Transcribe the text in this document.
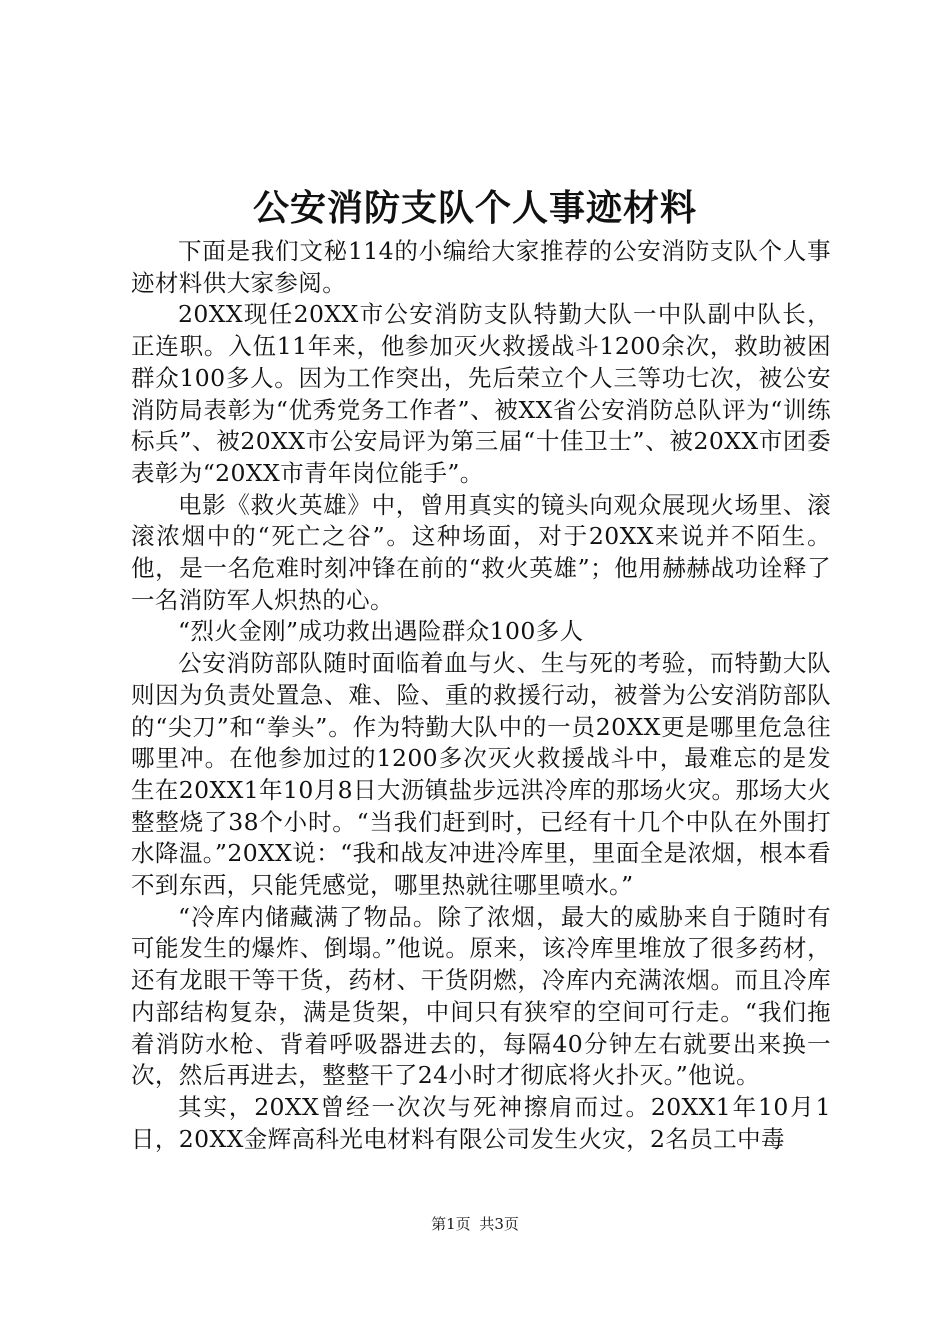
公安消防支队个人事迹材料

下面是我们文秘114的小编给大家推荐的公安消防支队个人事迹材料供大家参阅。

20XX现任20XX市公安消防支队特勤大队一中队副中队长，正连职。入伍11年来，他参加灭火救援战斗1200余次，救助被困群众100多人。因为工作突出，先后荣立个人三等功七次，被公安消防局表彰为“优秀党务工作者”、被XX省公安消防总队评为“训练标兵”、被20XX市公安局评为第三届“十佳卫士”、被20XX市团委表彰为“20XX市青年岗位能手”。

电影《救火英雄》中，曾用真实的镜头向观众展现火场里、滚滚浓烟中的“死亡之谷”。这种场面，对于20XX来说并不陌生。他，是一名危难时刻冲锋在前的“救火英雄”；他用赫赫战功诠释了一名消防军人炽热的心。

“烈火金刚”成功救出遇险群众100多人

公安消防部队随时面临着血与火、生与死的考验，而特勤大队则因为负责处置急、难、险、重的救援行动，被誉为公安消防部队的“尖刀”和“拳头”。作为特勤大队中的一员20XX更是哪里危急往哪里冲。在他参加过的1200多次灭火救援战斗中，最难忘的是发生在20XX1年10月8日大沥镇盐步远洪冷库的那场火灾。那场大火整整烧了38个小时。“当我们赶到时，已经有十几个中队在外围打水降温。”20XX说：“我和战友冲进冷库里，里面全是浓烟，根本看不到东西，只能凭感觉，哪里热就往哪里喷水。”

“冷库内储藏满了物品。除了浓烟，最大的威胁来自于随时有可能发生的爆炸、倒塌。”他说。原来，该冷库里堆放了很多药材，还有龙眼干等干货，药材、干货阴燃，冷库内充满浓烟。而且冷库内部结构复杂，满是货架，中间只有狭窄的空间可行走。“我们拖着消防水枪、背着呼吸器进去的，每隔40分钟左右就要出来换一次，然后再进去，整整干了24小时才彻底将火扑灭。”他说。

其实，20XX曾经一次次与死神擦肩而过。20XX1年10月1日，20XX金辉高科光电材料有限公司发生火灾，2名员工中毒

第1页 共3页
